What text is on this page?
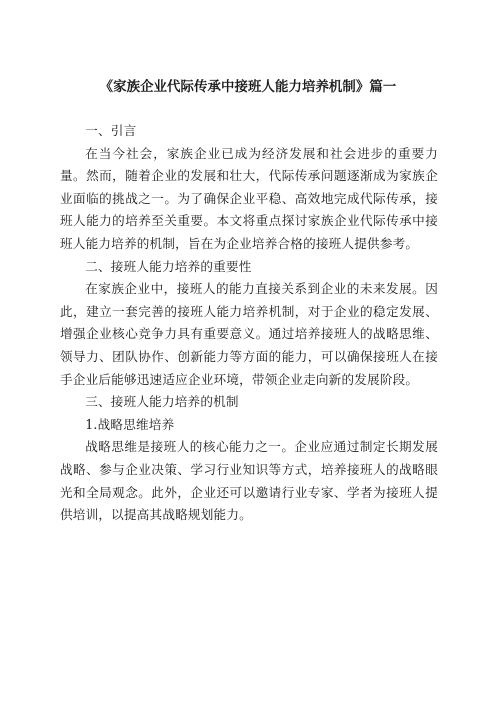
《家族企业代际传承中接班人能力培养机制》篇一

一、引言

在当今社会，家族企业已成为经济发展和社会进步的重要力量。然而，随着企业的发展和壮大，代际传承问题逐渐成为家族企业面临的挑战之一。为了确保企业平稳、高效地完成代际传承，接班人能力的培养至关重要。本文将重点探讨家族企业代际传承中接班人能力培养的机制，旨在为企业培养合格的接班人提供参考。

二、接班人能力培养的重要性

在家族企业中，接班人的能力直接关系到企业的未来发展。因此，建立一套完善的接班人能力培养机制，对于企业的稳定发展、增强企业核心竞争力具有重要意义。通过培养接班人的战略思维、领导力、团队协作、创新能力等方面的能力，可以确保接班人在接手企业后能够迅速适应企业环境，带领企业走向新的发展阶段。

三、接班人能力培养的机制

1.战略思维培养

战略思维是接班人的核心能力之一。企业应通过制定长期发展战略、参与企业决策、学习行业知识等方式，培养接班人的战略眼光和全局观念。此外，企业还可以邀请行业专家、学者为接班人提供培训，以提高其战略规划能力。
